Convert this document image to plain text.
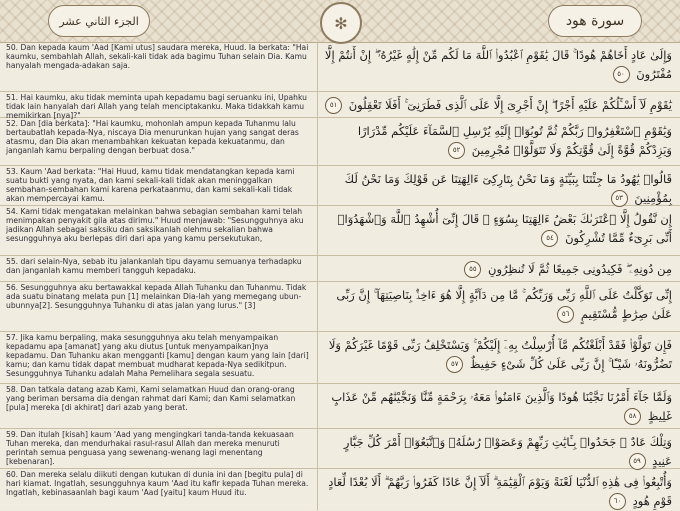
الجزء الثاني عشر	✻	سورة هود
50. Dan kepada kaum 'Aad [Kami utus] saudara mereka, Huud. Ia berkata: "Hai kaumku, sembahlah Allah, sekali-kali tidak ada bagimu Tuhan selain Dia. Kamu hanyalah mengada-adakan saja.
وَإِلَىٰ عَادٍ أَخَاهُمْ هُودًا ۚ قَالَ يَٰقَوْمِ ٱعْبُدُوا۟ ٱللَّهَ مَا لَكُم مِّنْ إِلَٰهٍ غَيْرُهُۥٓ ۖ إِنْ أَنتُمْ إِلَّا مُفْتَرُونَ ٥٠
51. Hai kaumku, aku tidak meminta upah kepadamu bagi seruanku ini, Upahku tidak lain hanyalah dari Allah yang telah menciptakanku. Maka tidakkah kamu memikirkan [nya]?"
يَٰقَوْمِ لَآ أَسْـَٔلُكُمْ عَلَيْهِ أَجْرًا ۖ إِنْ أَجْرِىَ إِلَّا عَلَى ٱلَّذِى فَطَرَنِىٓ ۚ أَفَلَا تَعْقِلُونَ ٥١
52. Dan [dia berkata]: "Hai kaumku, mohonlah ampun kepada Tuhanmu lalu bertaubatlah kepada-Nya, niscaya Dia menurunkan hujan yang sangat deras atasmu, dan Dia akan menambahkan kekuatan kepada kekuatanmu, dan janganlah kamu berpaling dengan berbuat dosa."
وَيَٰقَوْمِ ٱسْتَغْفِرُوا۟ رَبَّكُمْ ثُمَّ تُوبُوٓا۟ إِلَيْهِ يُرْسِلِ ٱلسَّمَآءَ عَلَيْكُم مِّدْرَارًا وَيَزِدْكُمْ قُوَّةً إِلَىٰ قُوَّتِكُمْ وَلَا تَتَوَلَّوْا۟ مُجْرِمِينَ ٥٢
53. Kaum 'Aad berkata: "Hai Huud, kamu tidak mendatangkan kepada kami suatu bukti yang nyata, dan kami sekali-kali tidak akan meninggalkan sembahan-sembahan kami karena perkataanmu, dan kami sekali-kali tidak akan mempercayai kamu.
قَالُوا۟ يَٰهُودُ مَا جِئْتَنَا بِبَيِّنَةٍ وَمَا نَحْنُ بِتَارِكِىٓ ءَالِهَتِنَا عَن قَوْلِكَ وَمَا نَحْنُ لَكَ بِمُؤْمِنِينَ ٥٣
54. Kami tidak mengatakan melainkan bahwa sebagian sembahan kami telah menimpakan penyakit gila atas dirimu." Huud menjawab: "Sesungguhnya aku jadikan Allah sebagai saksiku dan saksikanlah olehmu sekalian bahwa sesungguhnya aku berlepas diri dari apa yang kamu persekutukan,
إِن نَّقُولُ إِلَّا ٱعْتَرَىٰكَ بَعْضُ ءَالِهَتِنَا بِسُوٓءٍ ۗ قَالَ إِنِّىٓ أُشْهِدُ ٱللَّهَ وَٱشْهَدُوٓا۟ أَنِّى بَرِىٓءٌ مِّمَّا تُشْرِكُونَ ٥٤
55. dari selain-Nya, sebab itu jalankanlah tipu dayamu semuanya terhadapku dan janganlah kamu memberi tangguh kepadaku.	مِن دُونِهِۦ ۖ فَكِيدُونِى جَمِيعًا ثُمَّ لَا تُنظِرُونِ ٥٥
56. Sesungguhnya aku bertawakkal kepada Allah Tuhanku dan Tuhanmu. Tidak ada suatu binatang melata pun [1] melainkan Dia-lah yang memegang ubun-ubunnya[2]. Sesungguhnya Tuhanku di atas jalan yang lurus." [3]
إِنِّى تَوَكَّلْتُ عَلَى ٱللَّهِ رَبِّى وَرَبِّكُم ۚ مَّا مِن دَآبَّةٍ إِلَّا هُوَ ءَاخِذٌۢ بِنَاصِيَتِهَآ ۚ إِنَّ رَبِّى عَلَىٰ صِرَٰطٍ مُّسْتَقِيمٍ ٥٦
57. Jika kamu berpaling, maka sesungguhnya aku telah menyampaikan kepadamu apa [amanat] yang aku diutus [untuk menyampaikan]nya kepadamu. Dan Tuhanku akan mengganti [kamu] dengan kaum yang lain [dari] kamu; dan kamu tidak dapat membuat mudharat kepada-Nya sedikitpun. Sesungguhnya Tuhanku adalah Maha Pemelihara segala sesuatu.
فَإِن تَوَلَّوْا۟ فَقَدْ أَبْلَغْتُكُم مَّآ أُرْسِلْتُ بِهِۦٓ إِلَيْكُمْ ۚ وَيَسْتَخْلِفُ رَبِّى قَوْمًا غَيْرَكُمْ وَلَا تَضُرُّونَهُۥ شَيْـًٔا ۚ إِنَّ رَبِّى عَلَىٰ كُلِّ شَىْءٍ حَفِيظٌ ٥٧
58. Dan tatkala datang azab Kami, Kami selamatkan Huud dan orang-orang yang beriman bersama dia dengan rahmat dari Kami; dan Kami selamatkan [pula] mereka [di akhirat] dari azab yang berat.
وَلَمَّا جَآءَ أَمْرُنَا نَجَّيْنَا هُودًا وَٱلَّذِينَ ءَامَنُوا۟ مَعَهُۥ بِرَحْمَةٍ مِّنَّا وَنَجَّيْنَٰهُم مِّنْ عَذَابٍ غَلِيظٍ ٥٨
59. Dan itulah [kisah] kaum 'Aad yang mengingkari tanda-tanda kekuasaan Tuhan mereka, dan mendurhakai rasul-rasul Allah dan mereka menuruti perintah semua penguasa yang sewenang-wenang lagi menentang [kebenaran].
وَتِلْكَ عَادٌ ۖ جَحَدُوا۟ بِـَٔايَٰتِ رَبِّهِمْ وَعَصَوْا۟ رُسُلَهُۥ وَٱتَّبَعُوٓا۟ أَمْرَ كُلِّ جَبَّارٍ عَنِيدٍ ٥٩
60. Dan mereka selalu diikuti dengan kutukan di dunia ini dan [begitu pula] di hari kiamat. Ingatlah, sesungguhnya kaum 'Aad itu kafir kepada Tuhan mereka. Ingatlah, kebinasaanlah bagi kaum 'Aad [yaitu] kaum Huud itu.
وَأُتْبِعُوا۟ فِى هَٰذِهِ ٱلدُّنْيَا لَعْنَةً وَيَوْمَ ٱلْقِيَٰمَةِ ۗ أَلَآ إِنَّ عَادًا كَفَرُوا۟ رَبَّهُمْ ۗ أَلَا بُعْدًا لِّعَادٍ قَوْمِ هُودٍ ٦٠
